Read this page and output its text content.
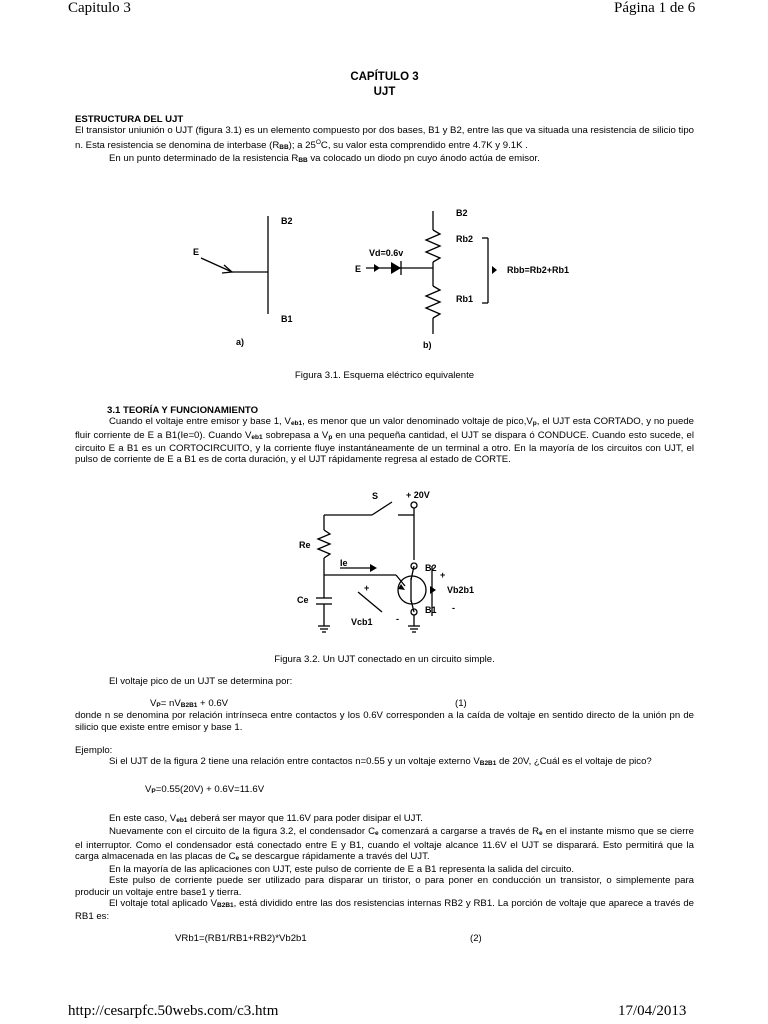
Capitulo 3	Página 1 de 6
CAPÍTULO 3
UJT
ESTRUCTURA DEL UJT
El transistor uniunión o UJT (figura 3.1) es un elemento compuesto por dos bases, B1 y B2, entre las que va situada una resistencia de silicio tipo n. Esta resistencia se denomina de interbase (RBB); a $25^OC$, su valor esta comprendido entre 4.7K y 9.1K .
En un punto determinado de la resistencia RBB va colocado un diodo pn cuyo ánodo actúa de emisor.
E
B2
B1
a)
B2
Rb2
Vd=0.6v
E	Rbb=Rb2+Rb1
Rb1
b)
Figura 3.1. Esquema eléctrico equivalente
3.1 TEORÍA Y FUNCIONAMIENTO
Cuando el voltaje entre emisor y base 1, Veb1, es menor que un valor denominado voltaje de pico,Vp, el UJT esta CORTADO, y no puede fluir corriente de E a B1(Ie=0). Cuando Veb1 sobrepasa a Vp en una pequeña cantidad, el UJT se dispara ó CONDUCE. Cuando esto sucede, el circuito E a B1 es un CORTOCIRCUITO, y la corriente fluye instantáneamente de un terminal a otro. En la mayoría de los circuitos con UJT, el pulso de corriente de E a B1 es de corta duración, y el UJT rápidamente regresa al estado de CORTE.
S	+ 20V
Re
Ie	B2
+
Vb2b1
Ce
+
B1 -
Vcb1	-
Figura 3.2. Un UJT conectado en un circuito simple.
El voltaje pico de un UJT se determina por:
VP= nVB2B1 + 0.6V	(1)
donde n se denomina por relación intrínseca entre contactos y los 0.6V corresponden a la caída de voltaje en sentido directo de la unión pn de silicio que existe entre emisor y base 1.
Ejemplo:
Si el UJT de la figura 2 tiene una relación entre contactos n=0.55 y un voltaje externo VB2B1 de 20V, ¿Cuál es el voltaje de pico?
VP=0.55(20V) + 0.6V=11.6V
En este caso, Veb1 deberá ser mayor que 11.6V para poder disipar el UJT.
Nuevamente con el circuito de la figura 3.2, el condensador Ce comenzará a cargarse a través de Re en el instante mismo que se cierre el interruptor. Como el condensador está conectado entre E y B1, cuando el voltaje alcance 11.6V el UJT se disparará. Esto permitirá que la carga almacenada en las placas de Ce se descargue rápidamente a través del UJT.
En la mayoría de las aplicaciones con UJT, este pulso de corriente de E a B1 representa la salida del circuito.
Este pulso de corriente puede ser utilizado para disparar un tiristor, o para poner en conducción un transistor, o simplemente para producir un voltaje entre base1 y tierra.
El voltaje total aplicado VB2B1, está dividido entre las dos resistencias internas RB2 y RB1. La porción de voltaje que aparece a través de RB1 es:
VRb1=(RB1/RB1+RB2)*Vb2b1	(2)
http://cesarpfc.50webs.com/c3.htm	17/04/2013
